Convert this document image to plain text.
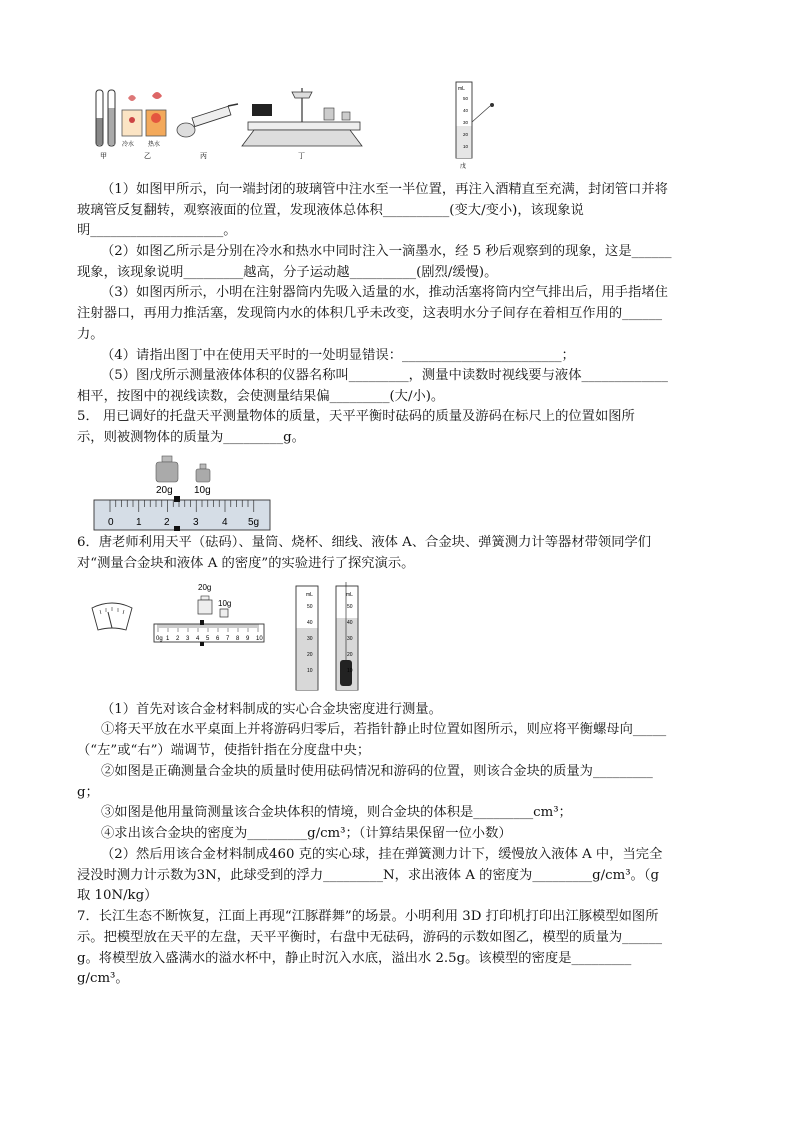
甲
冷水 热水
乙	丙	丁
mL
50
40
30
20
10
戊
（1）如图甲所示，向一端封闭的玻璃管中注水至一半位置，再注入酒精直至充满，封闭管口并将
玻璃管反复翻转，观察液面的位置，发现液体总体积__________(变大/变小)，该现象说
明____________________。
（2）如图乙所示是分别在冷水和热水中同时注入一滴墨水，经 5 秒后观察到的现象，这是______
现象，该现象说明_________越高，分子运动越__________(剧烈/缓慢)。
（3）如图丙所示，小明在注射器筒内先吸入适量的水，推动活塞将筒内空气排出后，用手指堵住
注射器口，再用力推活塞，发现筒内水的体积几乎未改变，这表明水分子间存在着相互作用的______
力。
（4）请指出图丁中在使用天平时的一处明显错误：________________________；
（5）图戊所示测量液体体积的仪器名称叫_________，测量中读数时视线要与液体_____________
相平，按图中的视线读数，会使测量结果偏_________(大/小)。
5． 用已调好的托盘天平测量物体的质量，天平平衡时砝码的质量及游码在标尺上的位置如图所
示，则被测物体的质量为_________g。
20g 10g
0 1 2 3 4 5g
6．唐老师利用天平（砝码）、量筒、烧杯、细线、液体 A、合金块、弹簧测力计等器材带领同学们
对“测量合金块和液体 A 的密度”的实验进行了探究演示。
20g
10g
0g 1 2 3 4 5 6 7 8 9 10
mL
50
40
30
20
10
mL
50
40
30
20
10
（1）首先对该合金材料制成的实心合金块密度进行测量。
①将天平放在水平桌面上并将游码归零后，若指针静止时位置如图所示，则应将平衡螺母向_____
（“左”或“右”）端调节，使指针指在分度盘中央；
②如图是正确测量合金块的质量时使用砝码情况和游码的位置，则该合金块的质量为_________
g；
③如图是他用量筒测量该合金块体积的情境，则合金块的体积是_________cm³；
④求出该合金块的密度为_________g/cm³；（计算结果保留一位小数）
（2）然后用该合金材料制成460 克的实心球，挂在弹簧测力计下，缓慢放入液体 A 中，当完全
浸没时测力计示数为3N，此球受到的浮力_________N，求出液体 A 的密度为_________g/cm³。（g
取 10N/kg）
7．长江生态不断恢复，江面上再现“江豚群舞”的场景。小明利用 3D 打印机打印出江豚模型如图所
示。把模型放在天平的左盘，天平平衡时，右盘中无砝码，游码的示数如图乙，模型的质量为______
g。将模型放入盛满水的溢水杯中，静止时沉入水底，溢出水 2.5g。该模型的密度是_________
g/cm³。
